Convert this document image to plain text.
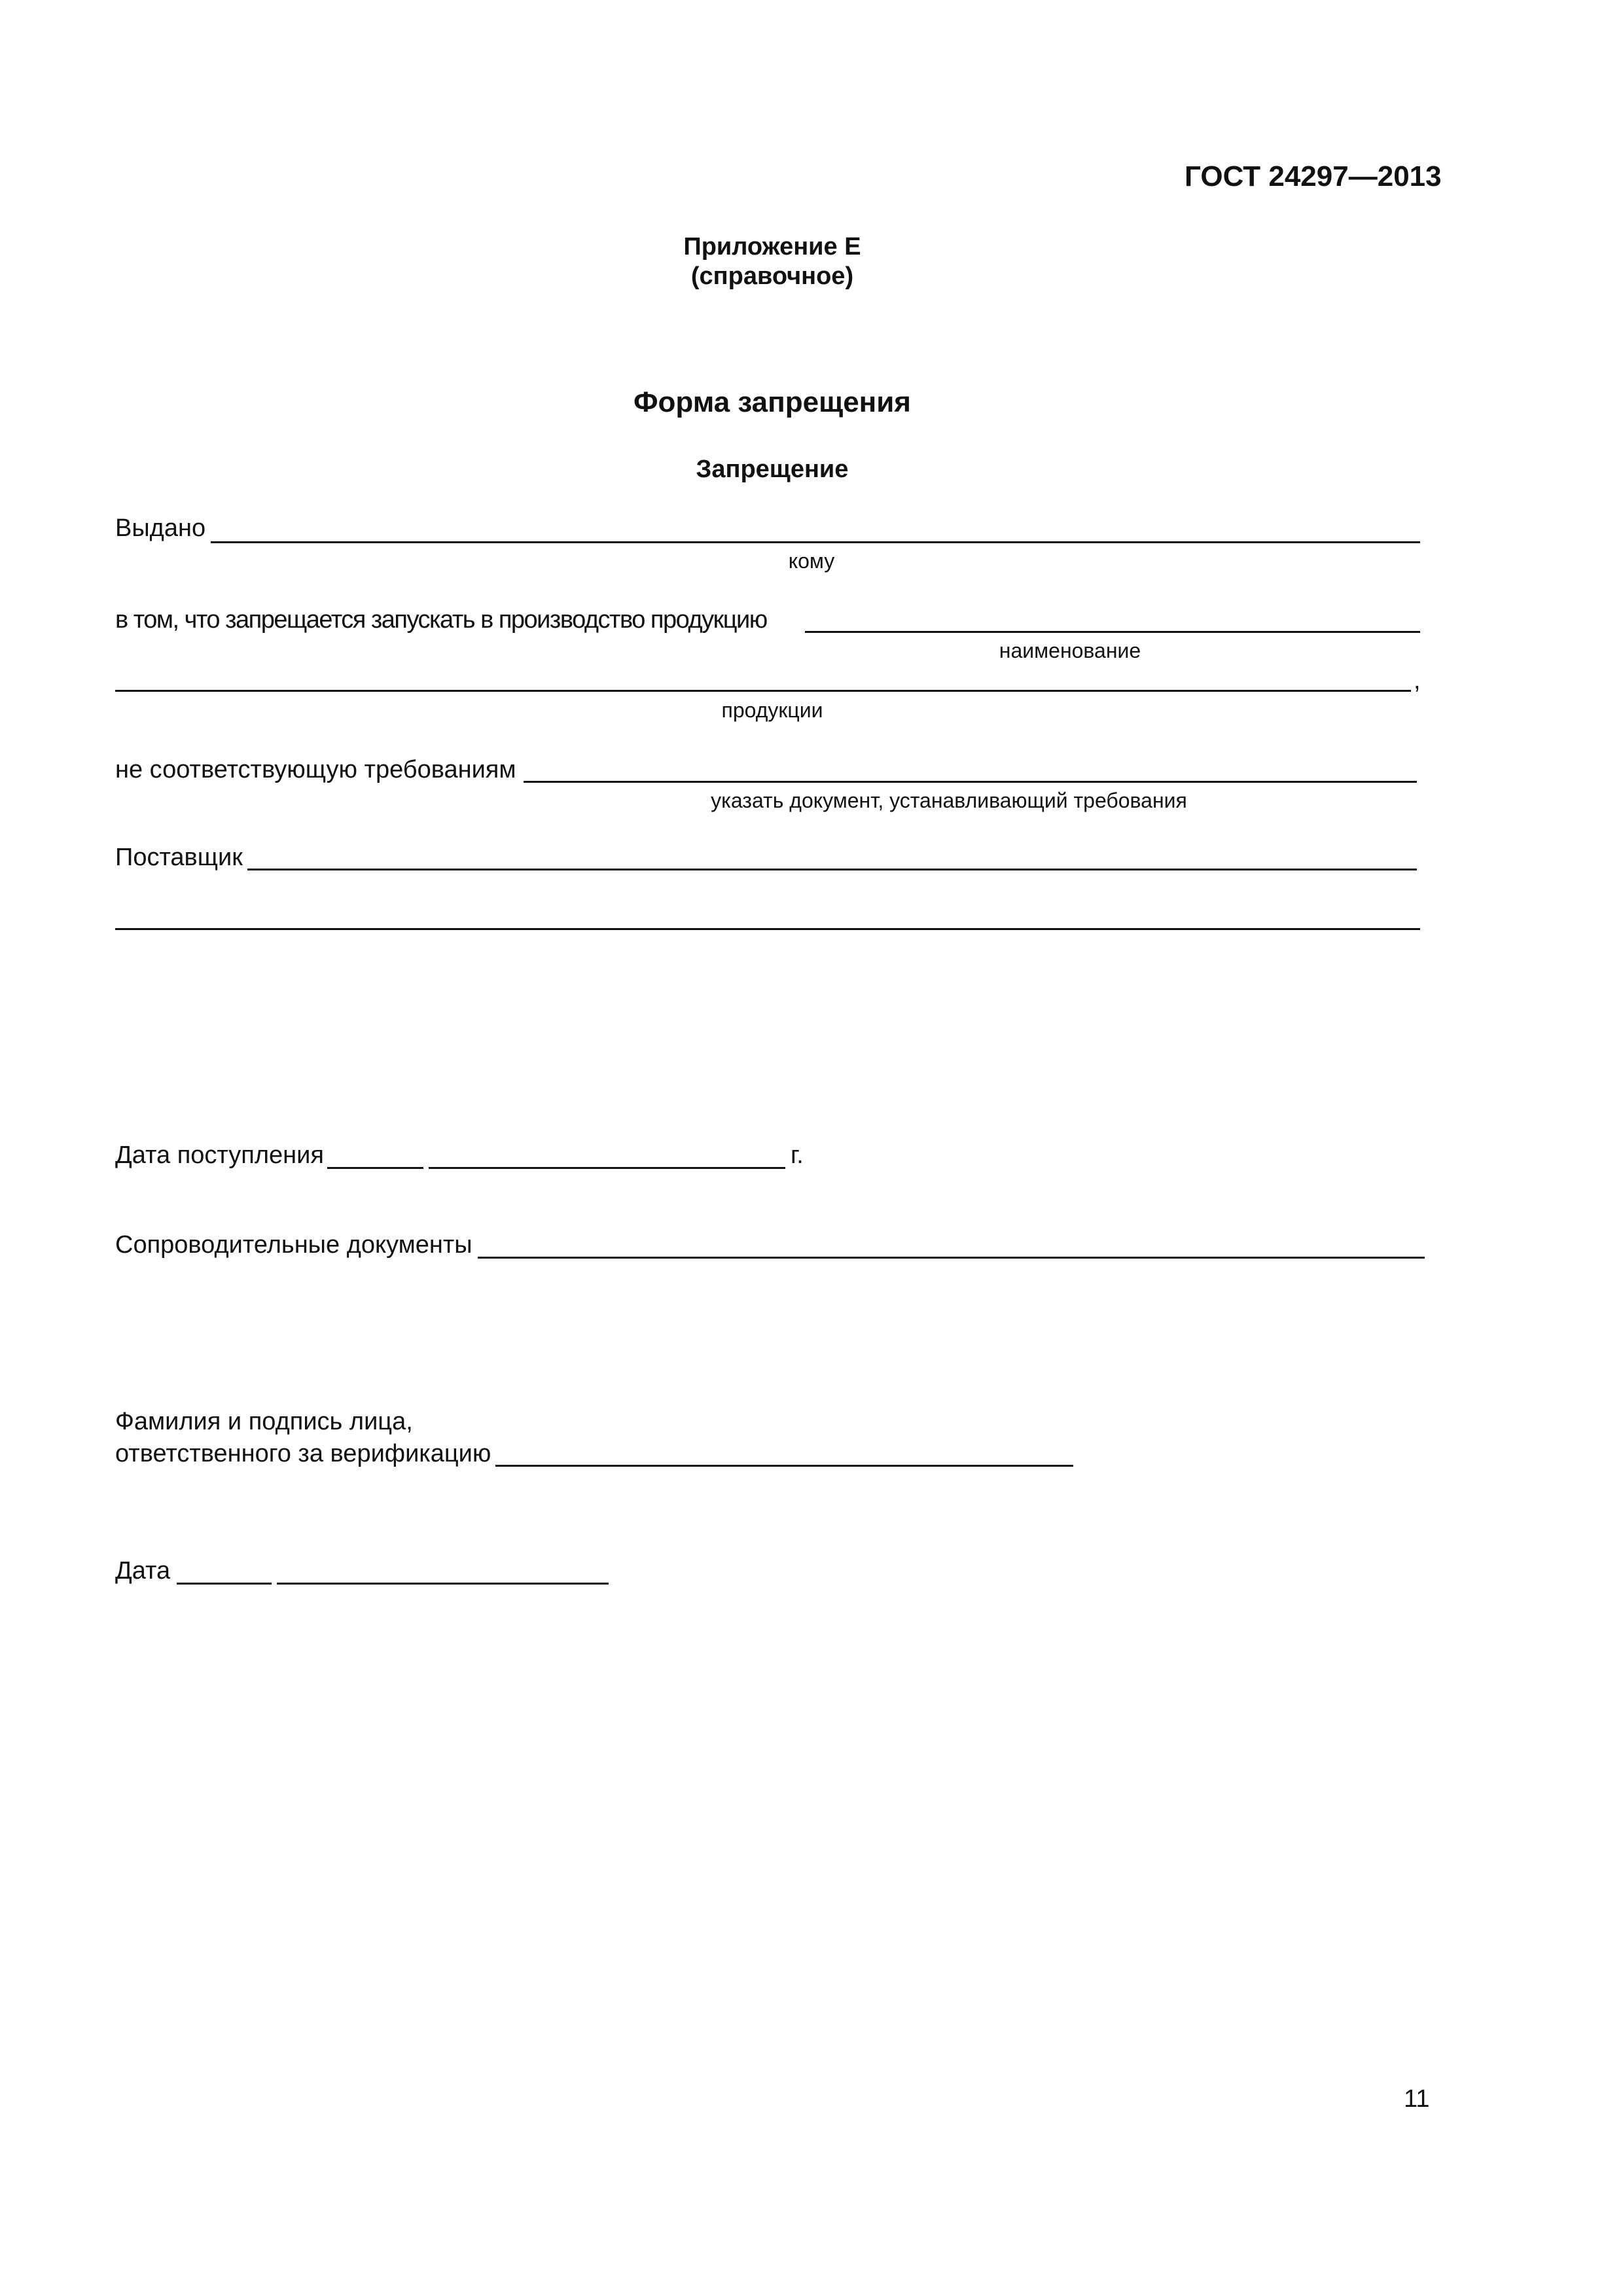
ГОСТ 24297—2013
Приложение Е
(справочное)
Форма запрещения
Запрещение
Выдано
кому
в том, что запрещается запускать в производство продукцию
наименование
,
продукции
не соответствующую требованиям
указать документ, устанавливающий требования
Поставщик
Дата поступления	г.
Сопроводительные документы
Фамилия и подпись лица,
ответственного за верификацию
Дата
11
